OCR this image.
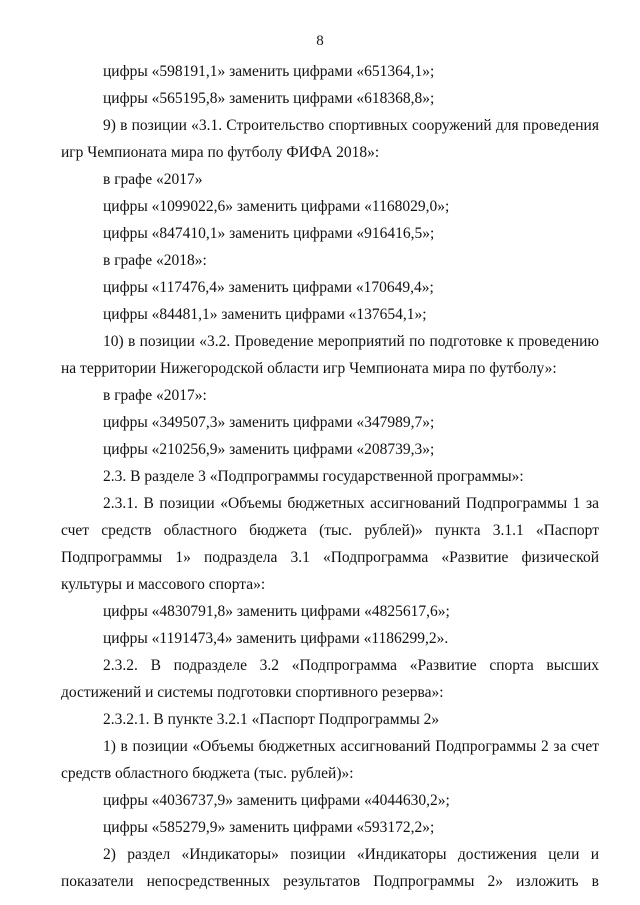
8
цифры «598191,1» заменить цифрами «651364,1»;
цифры «565195,8» заменить цифрами «618368,8»;
9) в позиции «3.1. Строительство спортивных сооружений для проведения
игр Чемпионата мира по футболу ФИФА 2018»:
в графе «2017»
цифры «1099022,6» заменить цифрами «1168029,0»;
цифры «847410,1» заменить цифрами «916416,5»;
в графе «2018»:
цифры «117476,4» заменить цифрами «170649,4»;
цифры «84481,1» заменить цифрами «137654,1»;
10) в позиции «3.2. Проведение мероприятий по подготовке к проведению
на территории Нижегородской области игр Чемпионата мира по футболу»:
в графе «2017»:
цифры «349507,3» заменить цифрами «347989,7»;
цифры «210256,9» заменить цифрами «208739,3»;
2.3. В разделе 3 «Подпрограммы государственной программы»:
2.3.1. В позиции «Объемы бюджетных ассигнований Подпрограммы 1 за
счет средств областного бюджета (тыс. рублей)» пункта 3.1.1 «Паспорт
Подпрограммы 1» подраздела 3.1 «Подпрограмма «Развитие физической
культуры и массового спорта»:
цифры «4830791,8» заменить цифрами «4825617,6»;
цифры «1191473,4» заменить цифрами «1186299,2».
2.3.2. В подразделе 3.2 «Подпрограмма «Развитие спорта высших
достижений и системы подготовки спортивного резерва»:
2.3.2.1. В пункте 3.2.1 «Паспорт Подпрограммы 2»
1) в позиции «Объемы бюджетных ассигнований Подпрограммы 2 за счет
средств областного бюджета (тыс. рублей)»:
цифры «4036737,9» заменить цифрами «4044630,2»;
цифры «585279,9» заменить цифрами «593172,2»;
2) раздел «Индикаторы» позиции «Индикаторы достижения цели и
показатели непосредственных результатов Подпрограммы 2» изложить в
